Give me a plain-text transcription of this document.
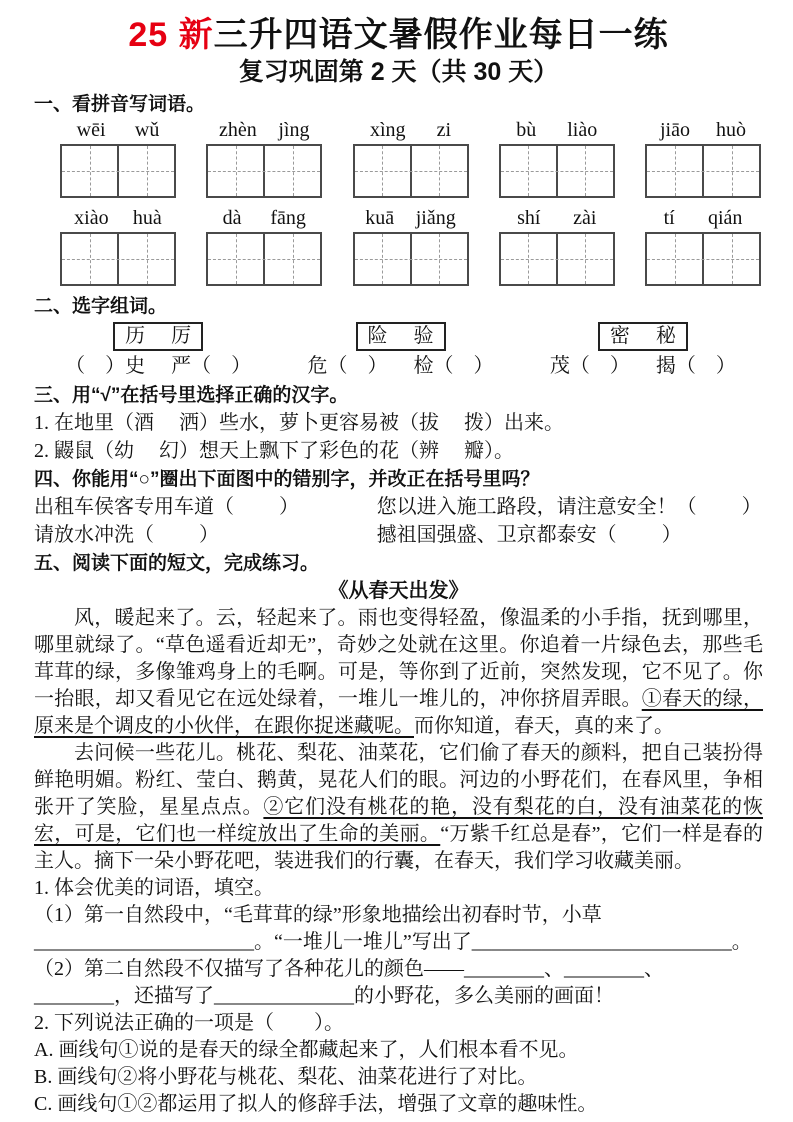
25 新三升四语文暑假作业每日一练
复习巩固第 2 天（共 30 天）
一、看拼音写词语。
wēi wǔ	zhèn jìng	xìng zi	bù liào	jiāo huò
xiào huà	dà fāng	kuā jiǎng	shí zài	tí qián
二、选字组词。
历 厉
（　）史 严（　）
险 验
危（　） 检（　）
密 秘
茂（　） 揭（　）
三、用“√”在括号里选择正确的汉字。
1. 在地里（酒　 洒）些水，萝卜更容易被（拔　 拨）出来。
2. 鼹鼠（幼　 幻）想天上飘下了彩色的花（辨　 瓣）。
四、你能用“○”圈出下面图中的错别字，并改正在括号里吗？
出租车侯客专用车道（　 　）	您以进入施工路段，请注意安全！（　 　）
请放水冲洗（　 　）	撼祖国强盛、卫京都泰安（　 　）
五、阅读下面的短文，完成练习。
《从春天出发》

风，暖起来了。云，轻起来了。雨也变得轻盈，像温柔的小手指，抚到哪里，哪里就绿了。“草色遥看近却无”，奇妙之处就在这里。你追着一片绿色去，那些毛茸茸的绿，多像雏鸡身上的毛啊。可是，等你到了近前，突然发现，它不见了。你一抬眼，却又看见它在远处绿着，一堆儿一堆儿的，冲你挤眉弄眼。①春天的绿，原来是个调皮的小伙伴，在跟你捉迷藏呢。而你知道，春天，真的来了。

去问候一些花儿。桃花、梨花、油菜花，它们偷了春天的颜料，把自己装扮得鲜艳明媚。粉红、莹白、鹅黄，晃花人们的眼。河边的小野花们，在春风里，争相张开了笑脸，星星点点。②它们没有桃花的艳，没有梨花的白，没有油菜花的恢宏，可是，它们也一样绽放出了生命的美丽。“万紫千红总是春”，它们一样是春的主人。摘下一朵小野花吧，装进我们的行囊，在春天，我们学习收藏美丽。

1. 体会优美的词语，填空。
（1）第一自然段中，“毛茸茸的绿”形象地描绘出初春时节，小草______________________。“一堆儿一堆儿”写出了__________________________。
（2）第二自然段不仅描写了各种花儿的颜色——________、________、________，还描写了______________的小野花，多么美丽的画面！
2. 下列说法正确的一项是（　　）。
A. 画线句①说的是春天的绿全都藏起来了，人们根本看不见。
B. 画线句②将小野花与桃花、梨花、油菜花进行了对比。
C. 画线句①②都运用了拟人的修辞手法，增强了文章的趣味性。
